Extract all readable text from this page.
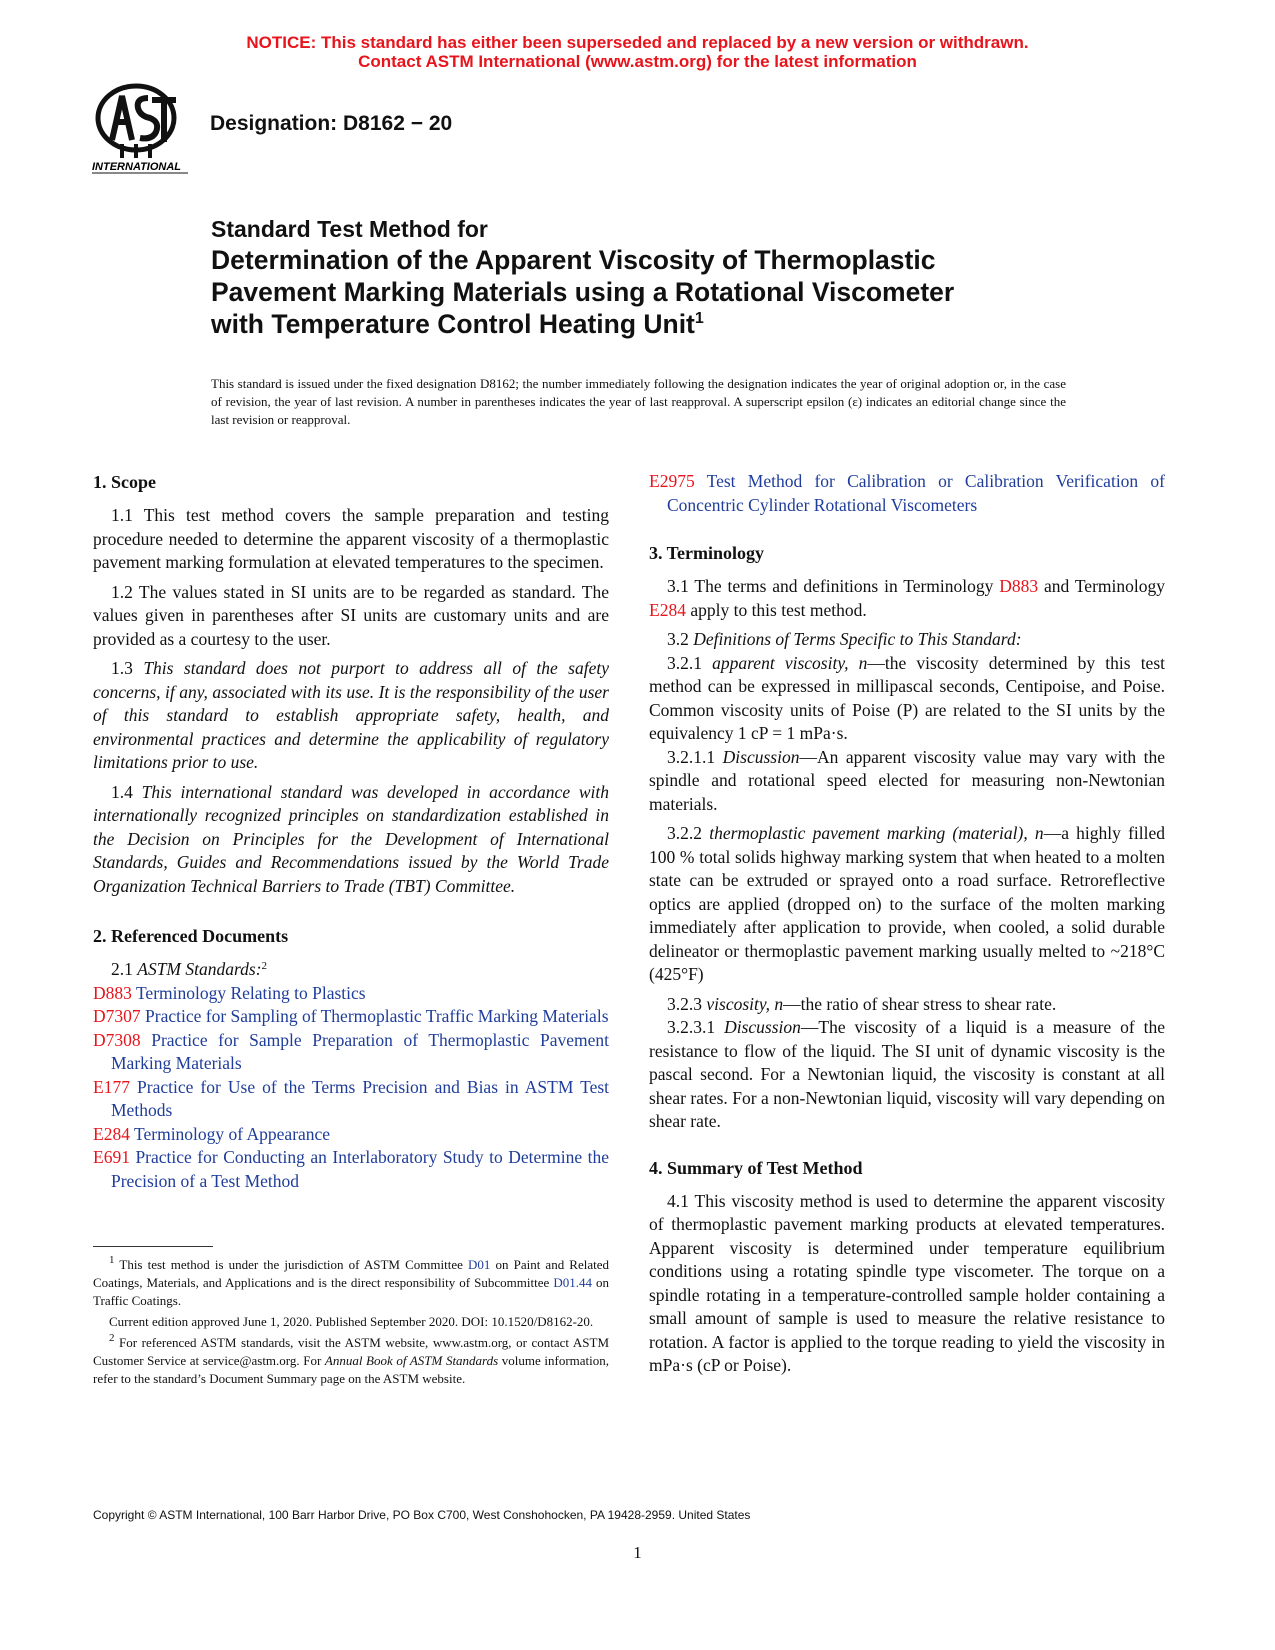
NOTICE: This standard has either been superseded and replaced by a new version or withdrawn.
Contact ASTM International (www.astm.org) for the latest information
INTERNATIONAL
Designation: D8162 − 20
Standard Test Method for
Determination of the Apparent Viscosity of Thermoplastic
Pavement Marking Materials using a Rotational Viscometer
with Temperature Control Heating Unit$^1$
This standard is issued under the fixed designation D8162; the number immediately following the designation indicates the year of original adoption or, in the case of revision, the year of last revision. A number in parentheses indicates the year of last reapproval. A superscript epsilon (ε) indicates an editorial change since the last revision or reapproval.
1. Scope

1.1 This test method covers the sample preparation and testing procedure needed to determine the apparent viscosity of a thermoplastic pavement marking formulation at elevated temperatures to the specimen.

1.2 The values stated in SI units are to be regarded as standard. The values given in parentheses after SI units are customary units and are provided as a courtesy to the user.

1.3 This standard does not purport to address all of the safety concerns, if any, associated with its use. It is the responsibility of the user of this standard to establish appropriate safety, health, and environmental practices and determine the applicability of regulatory limitations prior to use.

1.4 This international standard was developed in accordance with internationally recognized principles on standardization established in the Decision on Principles for the Development of International Standards, Guides and Recommendations issued by the World Trade Organization Technical Barriers to Trade (TBT) Committee.

2. Referenced Documents

2.1 ASTM Standards:$^2$

D883 Terminology Relating to Plastics

D7307 Practice for Sampling of Thermoplastic Traffic Marking Materials

D7308 Practice for Sample Preparation of Thermoplastic Pavement Marking Materials

E177 Practice for Use of the Terms Precision and Bias in ASTM Test Methods

E284 Terminology of Appearance

E691 Practice for Conducting an Interlaboratory Study to Determine the Precision of a Test Method

E2975 Test Method for Calibration or Calibration Verification of Concentric Cylinder Rotational Viscometers

3. Terminology

3.1 The terms and definitions in Terminology D883 and Terminology E284 apply to this test method.

3.2 Definitions of Terms Specific to This Standard:

3.2.1 apparent viscosity, n—the viscosity determined by this test method can be expressed in millipascal seconds, Centipoise, and Poise. Common viscosity units of Poise (P) are related to the SI units by the equivalency 1 cP = 1 mPa·s.

3.2.1.1 Discussion—An apparent viscosity value may vary with the spindle and rotational speed elected for measuring non-Newtonian materials.

3.2.2 thermoplastic pavement marking (material), n—a highly filled 100 % total solids highway marking system that when heated to a molten state can be extruded or sprayed onto a road surface. Retroreflective optics are applied (dropped on) to the surface of the molten marking immediately after application to provide, when cooled, a solid durable delineator or thermoplastic pavement marking usually melted to ~218°C (425°F)

3.2.3 viscosity, n—the ratio of shear stress to shear rate.

3.2.3.1 Discussion—The viscosity of a liquid is a measure of the resistance to flow of the liquid. The SI unit of dynamic viscosity is the pascal second. For a Newtonian liquid, the viscosity is constant at all shear rates. For a non-Newtonian liquid, viscosity will vary depending on shear rate.

4. Summary of Test Method

4.1 This viscosity method is used to determine the apparent viscosity of thermoplastic pavement marking products at elevated temperatures. Apparent viscosity is determined under temperature equilibrium conditions using a rotating spindle type viscometer. The torque on a spindle rotating in a temperature-controlled sample holder containing a small amount of sample is used to measure the relative resistance to rotation. A factor is applied to the torque reading to yield the viscosity in mPa·s (cP or Poise).

$^1$ This test method is under the jurisdiction of ASTM Committee D01 on Paint and Related Coatings, Materials, and Applications and is the direct responsibility of Subcommittee D01.44 on Traffic Coatings.

Current edition approved June 1, 2020. Published September 2020. DOI: 10.1520/D8162-20.

$^2$ For referenced ASTM standards, visit the ASTM website, www.astm.org, or contact ASTM Customer Service at service@astm.org. For Annual Book of ASTM Standards volume information, refer to the standard’s Document Summary page on the ASTM website.

Copyright © ASTM International, 100 Barr Harbor Drive, PO Box C700, West Conshohocken, PA 19428-2959. United States
1
